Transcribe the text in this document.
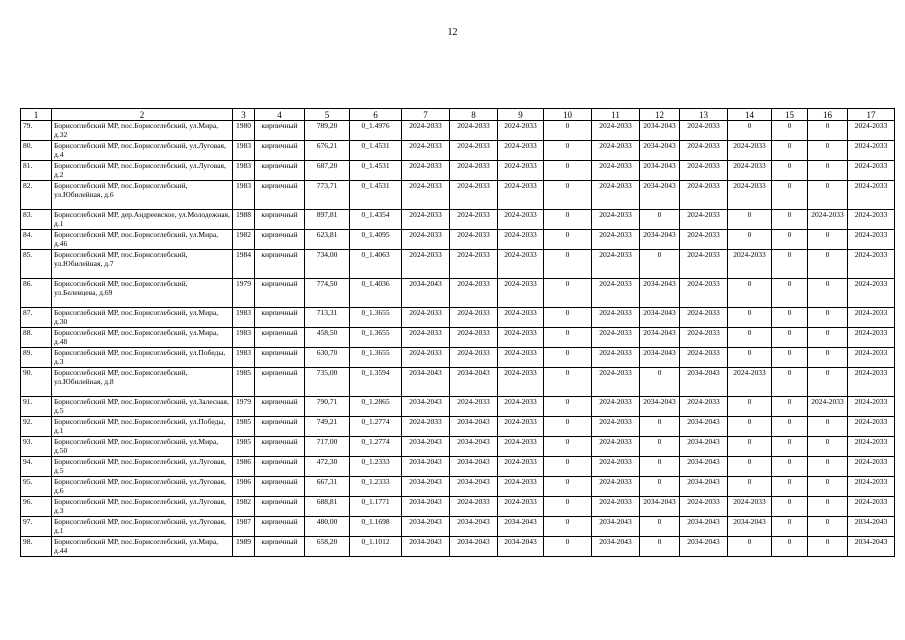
12
1	2	3	4	5	6	7	8	9	10	11	12	13	14	15	16	17
79.	Борисоглебский МР, пос.Борисоглебский, ул.Мира, д.32	1980	кирпичный	789,20	0_1.4976	2024-2033	2024-2033	2024-2033	0	2024-2033	2034-2043	2024-2033	0	0	0	2024-2033
80.	Борисоглебский МР, пос.Борисоглебский, ул.Луговая, д.4	1983	кирпичный	676,21	0_1.4531	2024-2033	2024-2033	2024-2033	0	2024-2033	2034-2043	2024-2033	2024-2033	0	0	2024-2033
81.	Борисоглебский МР, пос.Борисоглебский, ул.Луговая, д.2	1983	кирпичный	687,20	0_1.4531	2024-2033	2024-2033	2024-2033	0	2024-2033	2034-2043	2024-2033	2024-2033	0	0	2024-2033
82.	Борисоглебский МР, пос.Борисоглебский, ул.Юбилейная, д.6	1983	кирпичный	773,71	0_1.4531	2024-2033	2024-2033	2024-2033	0	2024-2033	2034-2043	2024-2033	2024-2033	0	0	2024-2033
83.	Борисоглебский МР, дер.Андреевское, ул.Молодежная, д.1	1988	кирпичный	897,81	0_1.4354	2024-2033	2024-2033	2024-2033	0	2024-2033	0	2024-2033	0	0	2024-2033	2024-2033
84.	Борисоглебский МР, пос.Борисоглебский, ул.Мира, д.46	1982	кирпичный	623,81	0_1.4095	2024-2033	2024-2033	2024-2033	0	2024-2033	2034-2043	2024-2033	0	0	0	2024-2033
85.	Борисоглебский МР, пос.Борисоглебский, ул.Юбилейная, д.7	1984	кирпичный	734,00	0_1.4063	2024-2033	2024-2033	2024-2033	0	2024-2033	0	2024-2033	2024-2033	0	0	2024-2033
86.	Борисоглебский МР, пос.Борисоглебский, ул.Белевцева, д.69	1979	кирпичный	774,50	0_1.4036	2034-2043	2024-2033	2024-2033	0	2024-2033	2034-2043	2024-2033	0	0	0	2024-2033
87.	Борисоглебский МР, пос.Борисоглебский, ул.Мира, д.30	1983	кирпичный	713,31	0_1.3655	2024-2033	2024-2033	2024-2033	0	2024-2033	2034-2043	2024-2033	0	0	0	2024-2033
88.	Борисоглебский МР, пос.Борисоглебский, ул.Мира, д.48	1983	кирпичный	458,50	0_1.3655	2024-2033	2024-2033	2024-2033	0	2024-2033	2034-2043	2024-2033	0	0	0	2024-2033
89.	Борисоглебский МР, пос.Борисоглебский, ул.Победы, д.3	1983	кирпичный	630,70	0_1.3655	2024-2033	2024-2033	2024-2033	0	2024-2033	2034-2043	2024-2033	0	0	0	2024-2033
90.	Борисоглебский МР, пос.Борисоглебский, ул.Юбилейная, д.8	1985	кирпичный	735,00	0_1.3594	2034-2043	2034-2043	2024-2033	0	2024-2033	0	2034-2043	2024-2033	0	0	2024-2033
91.	Борисоглебский МР, пос.Борисоглебский, ул.Залесная, д.5	1979	кирпичный	790,71	0_1.2865	2034-2043	2024-2033	2024-2033	0	2024-2033	2034-2043	2024-2033	0	0	2024-2033	2024-2033
92.	Борисоглебский МР, пос.Борисоглебский, ул.Победы, д.1	1985	кирпичный	749,21	0_1.2774	2024-2033	2034-2043	2024-2033	0	2024-2033	0	2034-2043	0	0	0	2024-2033
93.	Борисоглебский МР, пос.Борисоглебский, ул.Мира, д.50	1985	кирпичный	717,00	0_1.2774	2034-2043	2034-2043	2024-2033	0	2024-2033	0	2034-2043	0	0	0	2024-2033
94.	Борисоглебский МР, пос.Борисоглебский, ул.Луговая, д.5	1986	кирпичный	472,30	0_1.2333	2034-2043	2034-2043	2024-2033	0	2024-2033	0	2034-2043	0	0	0	2024-2033
95.	Борисоглебский МР, пос.Борисоглебский, ул.Луговая, д.6	1986	кирпичный	667,31	0_1.2333	2034-2043	2034-2043	2024-2033	0	2024-2033	0	2034-2043	0	0	0	2024-2033
96.	Борисоглебский МР, пос.Борисоглебский, ул.Луговая, д.3	1982	кирпичный	688,81	0_1.1771	2034-2043	2024-2033	2024-2033	0	2024-2033	2034-2043	2024-2033	2024-2033	0	0	2024-2033
97.	Борисоглебский МР, пос.Борисоглебский, ул.Луговая, д.1	1987	кирпичный	480,00	0_1.1698	2034-2043	2034-2043	2034-2043	0	2034-2043	0	2034-2043	2034-2043	0	0	2034-2043
98.	Борисоглебский МР, пос.Борисоглебский, ул.Мира, д.44	1989	кирпичный	658,20	0_1.1012	2034-2043	2034-2043	2034-2043	0	2034-2043	0	2034-2043	0	0	0	2034-2043
